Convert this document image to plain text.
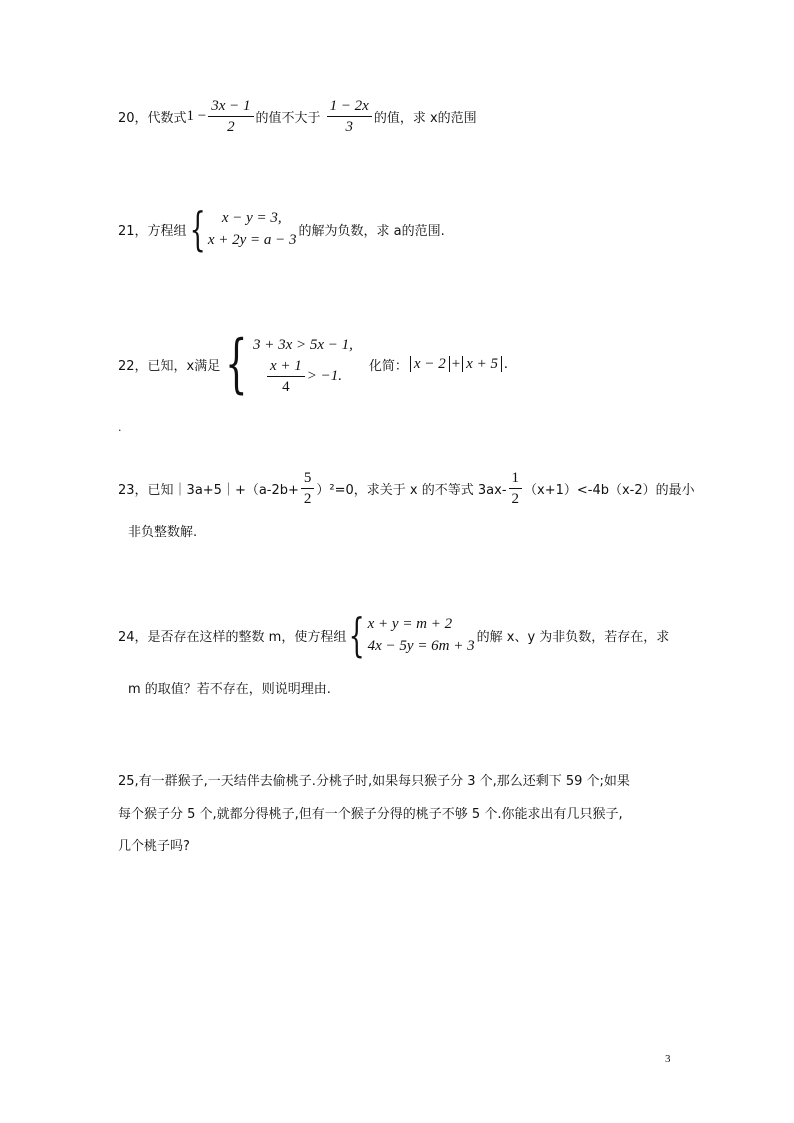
20，代数式 $1 - \frac{3x - 1}{2}$ 的值不大于 $\frac{1 - 2x}{3}$ 的值，求 x的范围
21，方程组 {	x − y = 3,
x + 2y = a − 3
的解为负数，求 a的范围.
22，已知，x满足 { 3 + 3x > 5x − 1,
$\frac{x + 1}{4} > -1$.
化简： x − 2 + x + 5 .
.
23，已知｜3a+5｜+（a-2b+ $\frac{5}{2} )^2=0$，求关于 x 的不等式 $3ax- \frac{1}{2} (x+1)<-4b(x-2)$的最小
非负整数解.
24，是否存在这样的整数 m，使方程组 { x + y = m + 2
4x − 5y = 6m + 3
的解 x、y 为非负数，若存在，求
m 的取值？若不存在，则说明理由.
25,有一群猴子,一天结伴去偷桃子.分桃子时,如果每只猴子分 3 个,那么还剩下 59 个;如果
每个猴子分 5 个,就都分得桃子,但有一个猴子分得的桃子不够 5 个.你能求出有几只猴子,
几个桃子吗?
3
